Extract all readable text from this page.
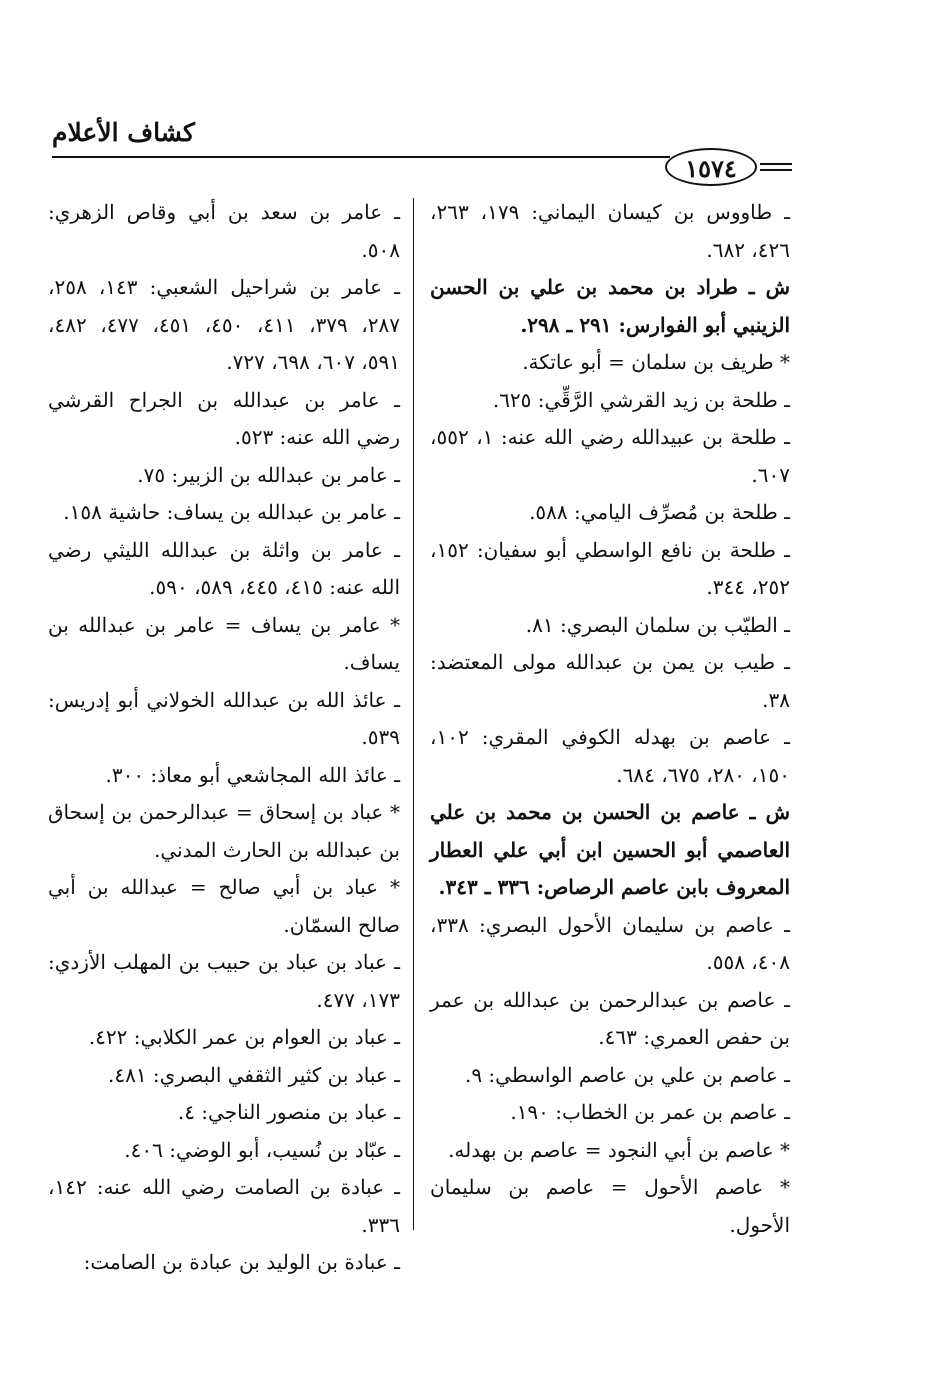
كشاف الأعلام
١٥٧٤

ـ طاووس بن كيسان اليماني: ١٧٩، ٢٦٣، ٤٢٦، ٦٨٢.

ش ـ طراد بن محمد بن علي بن الحسن الزينبي أبو الفوارس: ٢٩١ ـ ٢٩٨.

* طريف بن سلمان = أبو عاتكة.

ـ طلحة بن زيد القرشي الرَّقِّي: ٦٢٥.

ـ طلحة بن عبيدالله رضي الله عنه: ١، ٥٥٢، ٦٠٧.

ـ طلحة بن مُصرِّف اليامي: ٥٨٨.

ـ طلحة بن نافع الواسطي أبو سفيان: ١٥٢، ٢٥٢، ٣٤٤.

ـ الطيّب بن سلمان البصري: ٨١.

ـ طيب بن يمن بن عبدالله مولى المعتضد: ٣٨.

ـ عاصم بن بهدله الكوفي المقري: ١٠٢، ١٥٠، ٢٨٠، ٦٧٥، ٦٨٤.

ش ـ عاصم بن الحسن بن محمد بن علي العاصمي أبو الحسين ابن أبي علي العطار المعروف بابن عاصم الرصاص: ٣٣٦ ـ ٣٤٣.

ـ عاصم بن سليمان الأحول البصري: ٣٣٨، ٤٠٨، ٥٥٨.

ـ عاصم بن عبدالرحمن بن عبدالله بن عمر بن حفص العمري: ٤٦٣.

ـ عاصم بن علي بن عاصم الواسطي: ٩.

ـ عاصم بن عمر بن الخطاب: ١٩٠.

* عاصم بن أبي النجود = عاصم بن بهدله.

* عاصم الأحول = عاصم بن سليمان الأحول.

ـ عامر بن سعد بن أبي وقاص الزهري: ٥٠٨.

ـ عامر بن شراحيل الشعبي: ١٤٣، ٢٥٨، ٢٨٧، ٣٧٩، ٤١١، ٤٥٠، ٤٥١، ٤٧٧، ٤٨٢، ٥٩١، ٦٠٧، ٦٩٨، ٧٢٧.

ـ عامر بن عبدالله بن الجراح القرشي رضي الله عنه: ٥٢٣.

ـ عامر بن عبدالله بن الزبير: ٧٥.

ـ عامر بن عبدالله بن يساف: حاشية ١٥٨.

ـ عامر بن واثلة بن عبدالله الليثي رضي الله عنه: ٤١٥، ٤٤٥، ٥٨٩، ٥٩٠.

* عامر بن يساف = عامر بن عبدالله بن يساف.

ـ عائذ الله بن عبدالله الخولاني أبو إدريس: ٥٣٩.

ـ عائذ الله المجاشعي أبو معاذ: ٣٠٠.

* عباد بن إسحاق = عبدالرحمن بن إسحاق بن عبدالله بن الحارث المدني.

* عباد بن أبي صالح = عبدالله بن أبي صالح السمّان.

ـ عباد بن عباد بن حبيب بن المهلب الأزدي: ١٧٣، ٤٧٧.

ـ عباد بن العوام بن عمر الكلابي: ٤٢٢.

ـ عباد بن كثير الثقفي البصري: ٤٨١.

ـ عباد بن منصور الناجي: ٤.

ـ عبّاد بن نُسيب، أبو الوضي: ٤٠٦.

ـ عبادة بن الصامت رضي الله عنه: ١٤٢، ٣٣٦.

ـ عبادة بن الوليد بن عبادة بن الصامت:
